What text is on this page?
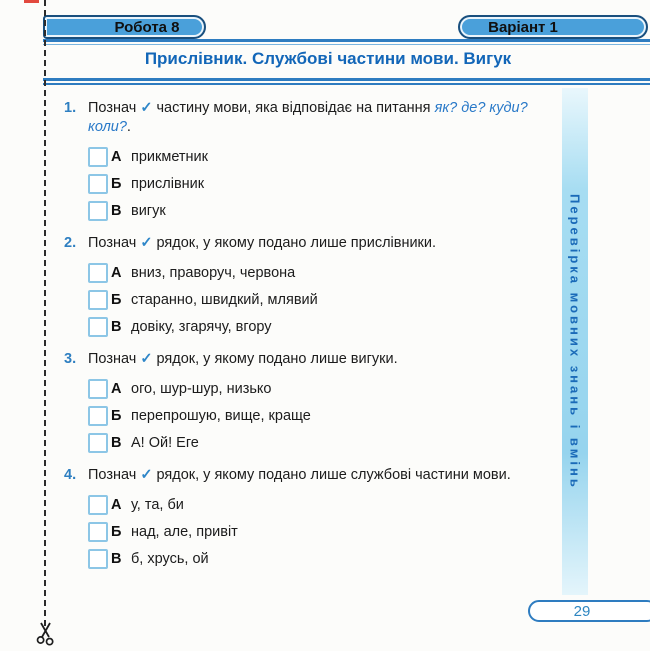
Робота 8	Варіант 1
Прислівник. Службові частини мови. Вигук
Перевірка мовних знань і вмінь
1. Познач ✓ частину мови, яка відповідає на питання як? де? куди? коли?.
А прикметник
Б прислівник
В вигук
2. Познач ✓ рядок, у якому подано лише прислівники.
А вниз, праворуч, червона
Б старанно, швидкий, млявий
В довіку, згарячу, вгору
3. Познач ✓ рядок, у якому подано лише вигуки.
А ого, шур-шур, низько
Б перепрошую, вище, краще
В А! Ой! Еге
4. Познач ✓ рядок, у якому подано лише службові частини мови.
А у, та, би
Б над, але, привіт
В б, хрусь, ой
29
